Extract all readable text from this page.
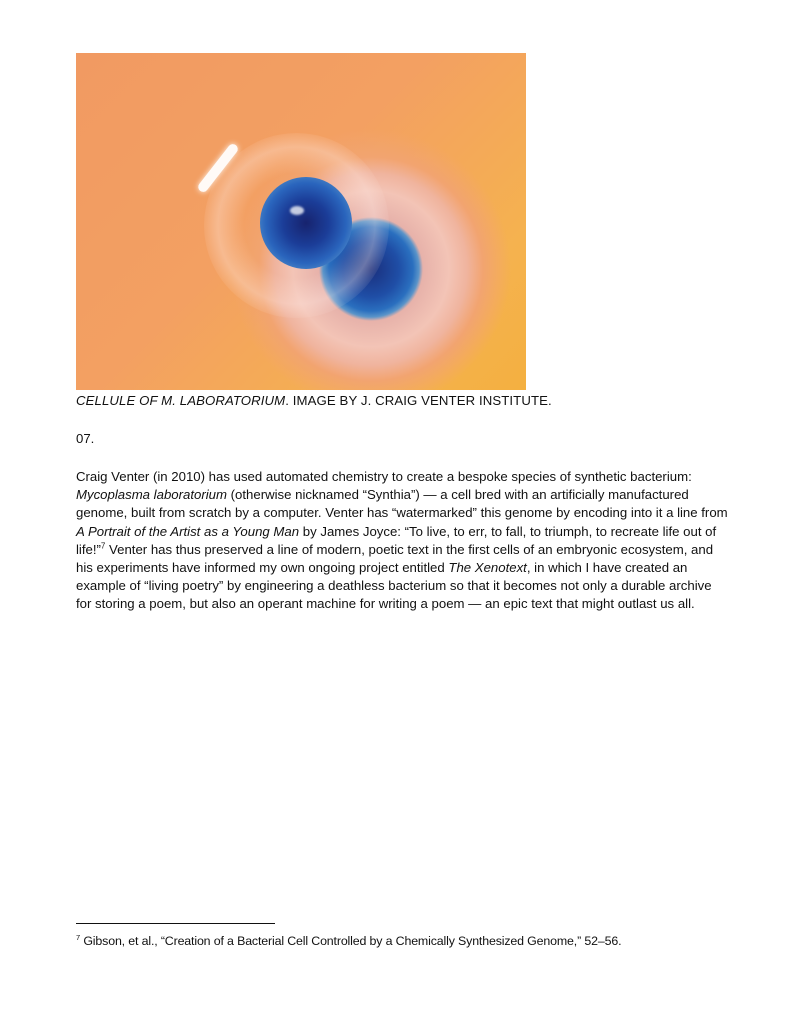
CELLULE OF M. LABORATORIUM. IMAGE BY J. CRAIG VENTER INSTITUTE.
07.

Craig Venter (in 2010) has used automated chemistry to create a bespoke species of synthetic bacterium: Mycoplasma laboratorium (otherwise nicknamed “Synthia”) — a cell bred with an artificially manufactured genome, built from scratch by a computer. Venter has “watermarked” this genome by encoding into it a line from A Portrait of the Artist as a Young Man by James Joyce: “To live, to err, to fall, to triumph, to recreate life out of life!”$^7$ Venter has thus preserved a line of modern, poetic text in the first cells of an embryonic ecosystem, and his experiments have informed my own ongoing project entitled The Xenotext, in which I have created an example of “living poetry” by engineering a deathless bacterium so that it becomes not only a durable archive for storing a poem, but also an operant machine for writing a poem — an epic text that might outlast us all.

$^7$ Gibson, et al., “Creation of a Bacterial Cell Controlled by a Chemically Synthesized Genome,” 52–56.
